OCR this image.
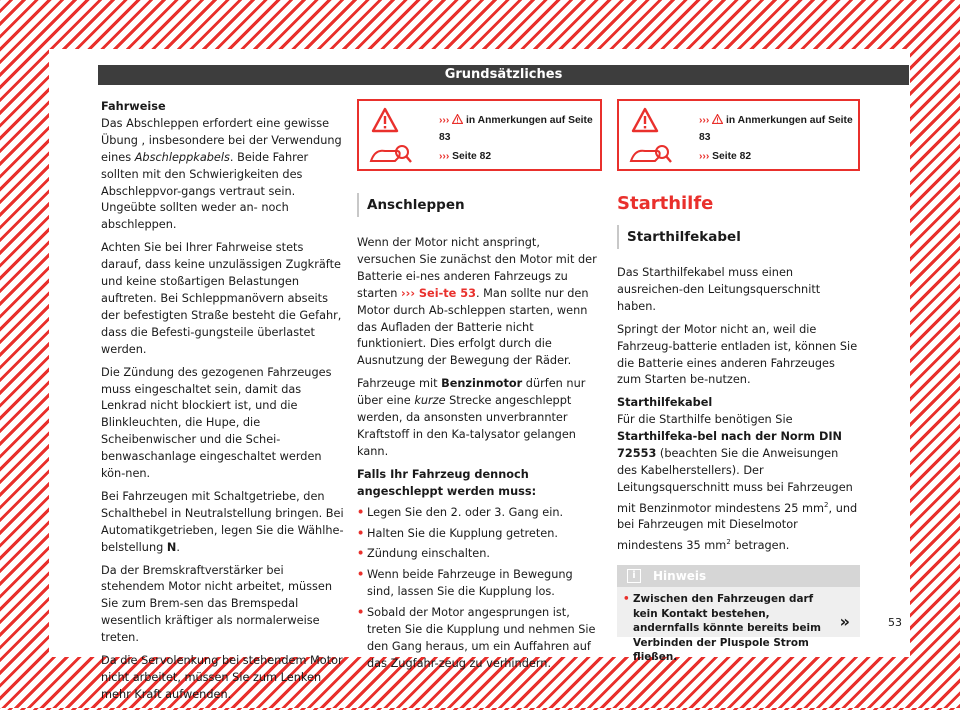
Grundsätzliches

Fahrweise

Das Abschleppen erfordert eine gewisse Übung , insbesondere bei der Verwendung eines Abschleppkabels. Beide Fahrer sollten mit den Schwierigkeiten des Abschleppvor-gangs vertraut sein. Ungeübte sollten weder an- noch abschleppen.

Achten Sie bei Ihrer Fahrweise stets darauf, dass keine unzulässigen Zugkräfte und keine stoßartigen Belastungen auftreten. Bei Schleppmanövern abseits der befestigten Straße besteht die Gefahr, dass die Befesti-gungsteile überlastet werden.

Die Zündung des gezogenen Fahrzeuges muss eingeschaltet sein, damit das Lenkrad nicht blockiert ist, und die Blinkleuchten, die Hupe, die Scheibenwischer und die Schei-benwaschanlage eingeschaltet werden kön-nen.

Bei Fahrzeugen mit Schaltgetriebe, den Schalthebel in Neutralstellung bringen. Bei Automatikgetrieben, legen Sie die Wählhe-belstellung N.

Da der Bremskraftverstärker bei stehendem Motor nicht arbeitet, müssen Sie zum Brem-sen das Bremspedal wesentlich kräftiger als normalerweise treten.

Da die Servolenkung bei stehendem Motor nicht arbeitet, müssen Sie zum Lenken mehr Kraft aufwenden.

››› in Anmerkungen auf Seite 83
››› Seite 82
Anschleppen

Wenn der Motor nicht anspringt, versuchen Sie zunächst den Motor mit der Batterie ei-nes anderen Fahrzeugs zu starten ››› Sei-te 53. Man sollte nur den Motor durch Ab-schleppen starten, wenn das Aufladen der Batterie nicht funktioniert. Dies erfolgt durch die Ausnutzung der Bewegung der Räder.

Fahrzeuge mit Benzinmotor dürfen nur über eine kurze Strecke angeschleppt werden, da ansonsten unverbrannter Kraftstoff in den Ka-talysator gelangen kann.

Falls Ihr Fahrzeug dennoch angeschleppt werden muss:

• Legen Sie den 2. oder 3. Gang ein.
• Halten Sie die Kupplung getreten.
• Zündung einschalten.
• Wenn beide Fahrzeuge in Bewegung sind, lassen Sie die Kupplung los.
• Sobald der Motor angesprungen ist, treten Sie die Kupplung und nehmen Sie den Gang heraus, um ein Auffahren auf das Zugfahr-zeug zu verhindern.
››› in Anmerkungen auf Seite 83
››› Seite 82
Starthilfe
Starthilfekabel

Das Starthilfekabel muss einen ausreichen-den Leitungsquerschnitt haben.

Springt der Motor nicht an, weil die Fahrzeug-batterie entladen ist, können Sie die Batterie eines anderen Fahrzeuges zum Starten be-nutzen.

Starthilfekabel

Für die Starthilfe benötigen Sie Starthilfeka-bel nach der Norm DIN 72553 (beachten Sie die Anweisungen des Kabelherstellers). Der Leitungsquerschnitt muss bei Fahrzeugen mit Benzinmotor mindestens 25 $mm^2$, und bei Fahrzeugen mit Dieselmotor mindestens 35 $mm^2$ betragen.

i	Hinweis
• Zwischen den Fahrzeugen darf kein Kontakt bestehen, andernfalls könnte bereits beim Verbinden der Pluspole Strom fließen.
»	53
